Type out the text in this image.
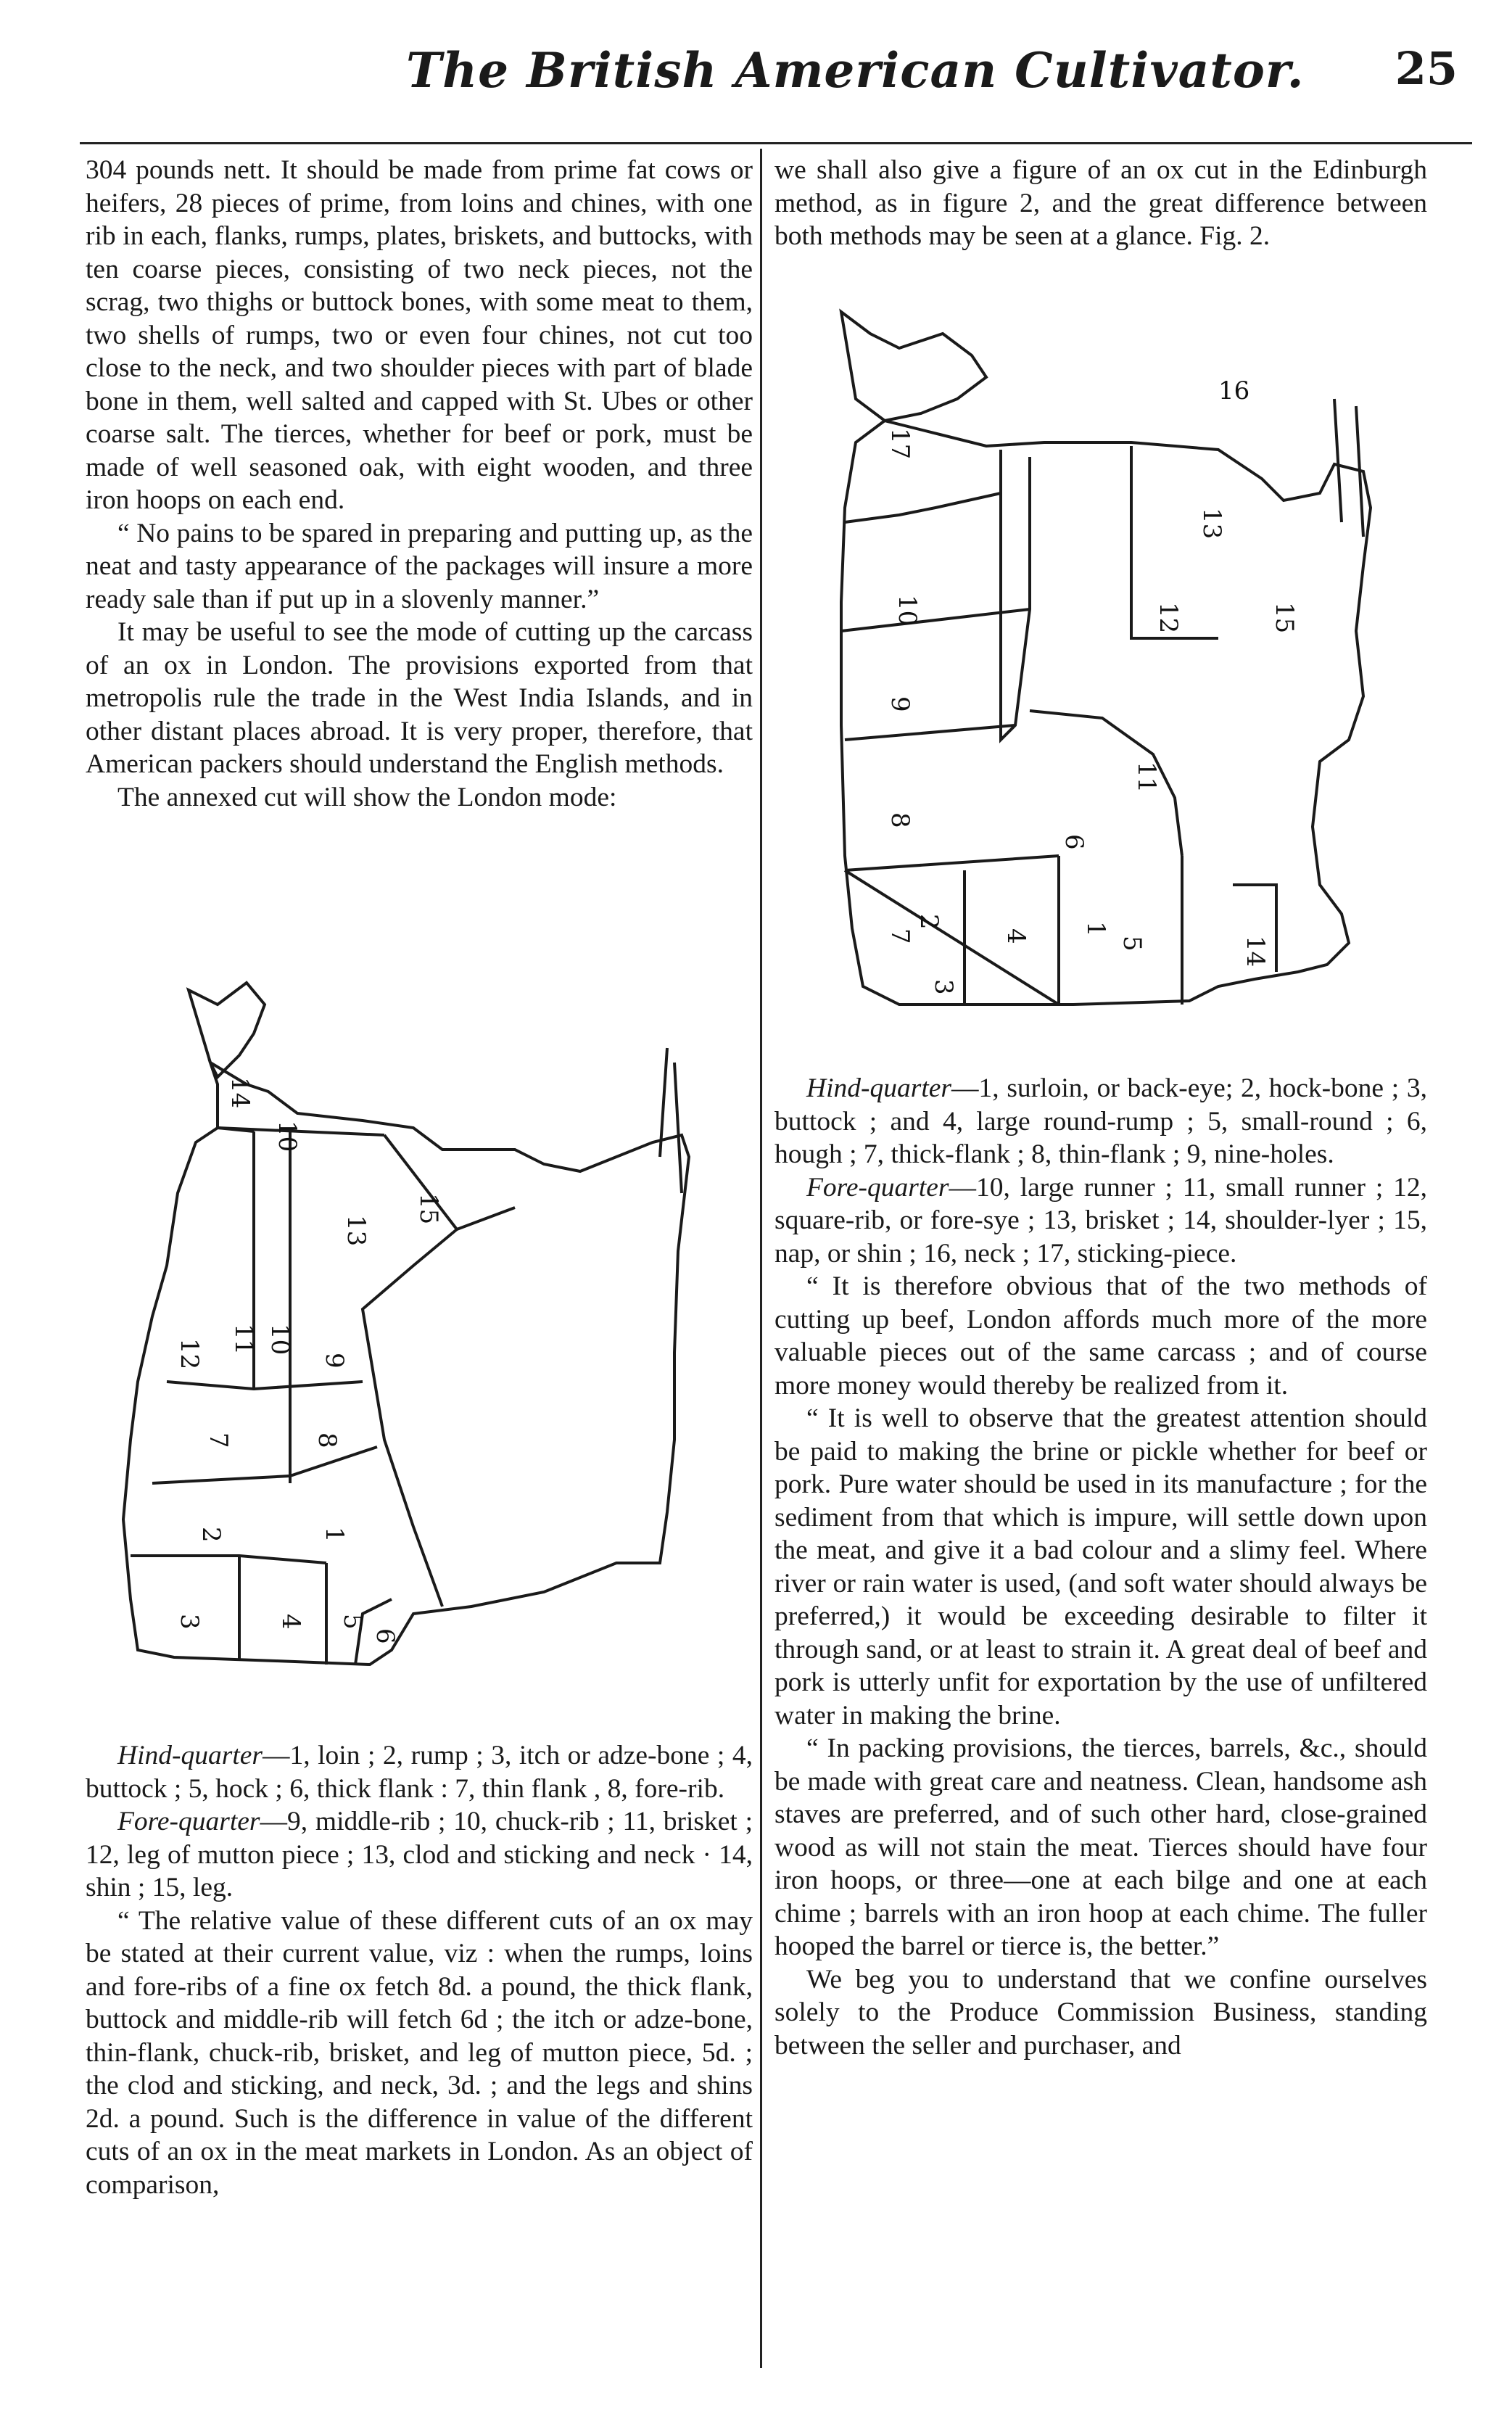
The British American Cultivator. 25

304 pounds nett. It should be made from prime fat cows or heifers, 28 pieces of prime, from loins and chines, with one rib in each, flanks, rumps, plates, briskets, and buttocks, with ten coarse pieces, consisting of two neck pieces, not the scrag, two thighs or buttock bones, with some meat to them, two shells of rumps, two or even four chines, not cut too close to the neck, and two shoulder pieces with part of blade bone in them, well salted and capped with St. Ubes or other coarse salt. The tierces, whether for beef or pork, must be made of well seasoned oak, with eight wooden, and three iron hoops on each end.

“ No pains to be spared in preparing and putting up, as the neat and tasty appearance of the packages will insure a more ready sale than if put up in a slovenly manner.”

It may be useful to see the mode of cutting up the carcass of an ox in London. The provisions exported from that metropolis rule the trade in the West India Islands, and in other distant places abroad. It is very proper, therefore, that American packers should understand the English methods.

The annexed cut will show the London mode:

13
15
14
10
12 11 10
9
7	8
2	1
3	4 5
6

Hind-quarter—1, loin ; 2, rump ; 3, itch or adze-bone ; 4, buttock ; 5, hock ; 6, thick flank : 7, thin flank , 8, fore-rib.

Fore-quarter—9, middle-rib ; 10, chuck-rib ; 11, brisket ; 12, leg of mutton piece ; 13, clod and sticking and neck · 14, shin ; 15, leg.

“ The relative value of these different cuts of an ox may be stated at their current value, viz : when the rumps, loins and fore-ribs of a fine ox fetch 8d. a pound, the thick flank, buttock and middle-rib will fetch 6d ; the itch or adze-bone, thin-flank, chuck-rib, brisket, and leg of mutton piece, 5d. ; the clod and sticking, and neck, 3d. ; and the legs and shins 2d. a pound. Such is the difference in value of the different cuts of an ox in the meat markets in London. As an object of comparison,

we shall also give a figure of an ox cut in the Edinburgh method, as in figure 2, and the great difference between both methods may be seen at a glance. Fig. 2.

17
16
10	12	15
9
11
8
7
6
2
4
3
1
5	14
13

Hind-quarter—1, surloin, or back-eye; 2, hock-bone ; 3, buttock ; and 4, large round-rump ; 5, small-round ; 6, hough ; 7, thick-flank ; 8, thin-flank ; 9, nine-holes.

Fore-quarter—10, large runner ; 11, small runner ; 12, square-rib, or fore-sye ; 13, brisket ; 14, shoulder-lyer ; 15, nap, or shin ; 16, neck ; 17, sticking-piece.

“ It is therefore obvious that of the two methods of cutting up beef, London affords much more of the more valuable pieces out of the same carcass ; and of course more money would thereby be realized from it.

“ It is well to observe that the greatest attention should be paid to making the brine or pickle whether for beef or pork. Pure water should be used in its manufacture ; for the sediment from that which is impure, will settle down upon the meat, and give it a bad colour and a slimy feel. Where river or rain water is used, (and soft water should always be preferred,) it would be exceeding desirable to filter it through sand, or at least to strain it. A great deal of beef and pork is utterly unfit for exportation by the use of unfiltered water in making the brine.

“ In packing provisions, the tierces, barrels, &c., should be made with great care and neatness. Clean, handsome ash staves are preferred, and of such other hard, close-grained wood as will not stain the meat. Tierces should have four iron hoops, or three—one at each bilge and one at each chime ; barrels with an iron hoop at each chime. The fuller hooped the barrel or tierce is, the better.”

We beg you to understand that we confine ourselves solely to the Produce Commission Business, standing between the seller and purchaser, and
